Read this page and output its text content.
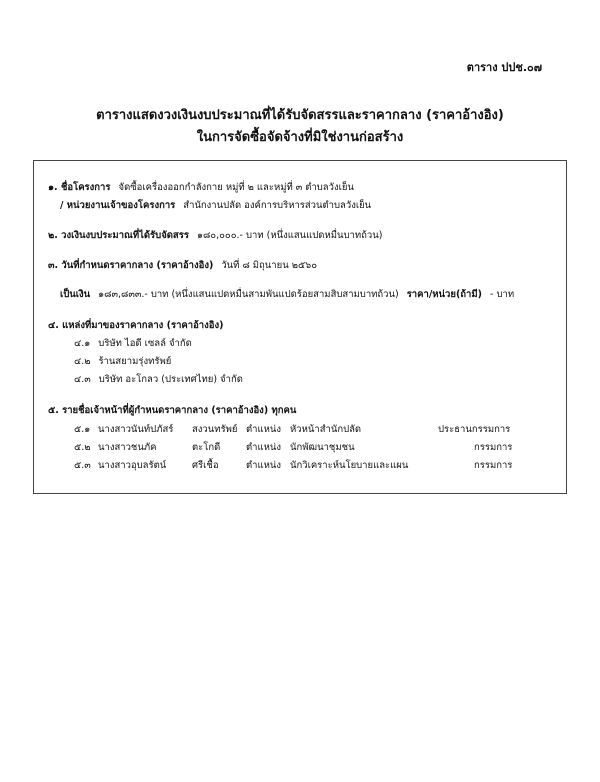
ตาราง ปปช.๐๗
ตารางแสดงวงเงินงบประมาณที่ได้รับจัดสรรและราคากลาง (ราคาอ้างอิง)
ในการจัดซื้อจัดจ้างที่มิใช่งานก่อสร้าง
๑. ชื่อโครงการ จัดซื้อเครื่องออกกำลังกาย หมู่ที่ ๒ และหมู่ที่ ๓ ตำบลวังเย็น
/ หน่วยงานเจ้าของโครงการ สำนักงานปลัด องค์การบริหารส่วนตำบลวังเย็น
๒. วงเงินงบประมาณที่ได้รับจัดสรร ๑๘๐,๐๐๐.- บาท (หนึ่งแสนแปดหมื่นบาทถ้วน)
๓. วันที่กำหนดราคากลาง (ราคาอ้างอิง) วันที่ ๘ มิถุนายน ๒๕๖๐
เป็นเงิน ๑๘๓,๘๓๓.- บาท (หนึ่งแสนแปดหมื่นสามพันแปดร้อยสามสิบสามบาทถ้วน) ราคา/หน่วย(ถ้ามี) - บาท
๔. แหล่งที่มาของราคากลาง (ราคาอ้างอิง)
๔.๑ บริษัท ไอดี เซลล์ จำกัด
๔.๒ ร้านสยามรุ่งทรัพย์
๔.๓ บริษัท อะโกลว (ประเทศไทย) จำกัด
๕. รายชื่อเจ้าหน้าที่ผู้กำหนดราคากลาง (ราคาอ้างอิง) ทุกคน
๕.๑ นางสาวนันท์ปภัสร์ สงวนทรัพย์ ตำแหน่ง หัวหน้าสำนักปลัด	ประธานกรรมการ
๕.๒ นางสาวชนภัค	ตะโกดี	ตำแหน่ง นักพัฒนาชุมชน	กรรมการ
๕.๓ นางสาวอุบลรัตน์	ศรีเชื้อ	ตำแหน่ง นักวิเคราะห์นโยบายและแผน	กรรมการ
